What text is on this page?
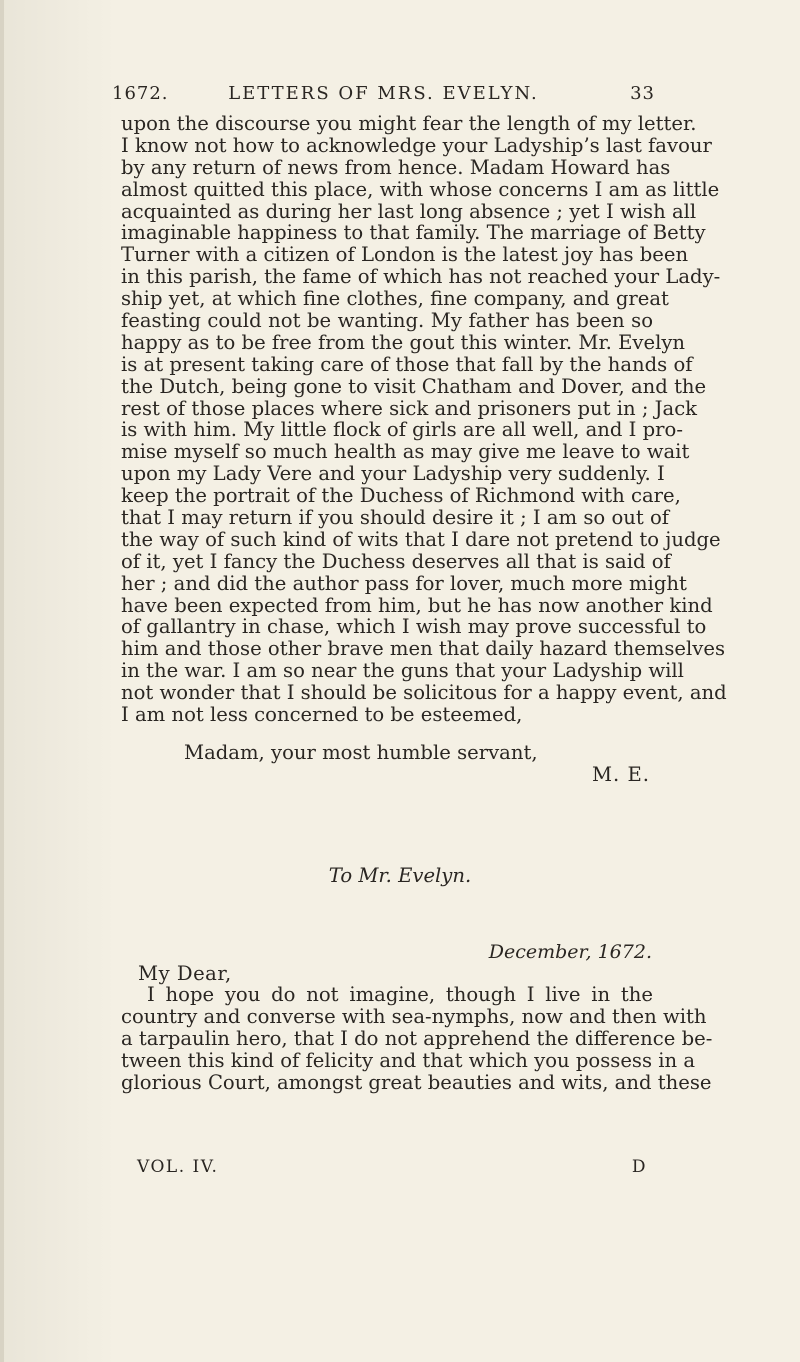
1672.	LETTERS OF MRS. EVELYN.	33
upon the discourse you might fear the length of my letter.
I know not how to acknowledge your Ladyship’s last favour
by any return of news from hence. Madam Howard has
almost quitted this place, with whose concerns I am as little
acquainted as during her last long absence ; yet I wish all
imaginable happiness to that family. The marriage of Betty
Turner with a citizen of London is the latest joy has been
in this parish, the fame of which has not reached your Lady-
ship yet, at which fine clothes, fine company, and great
feasting could not be wanting. My father has been so
happy as to be free from the gout this winter. Mr. Evelyn
is at present taking care of those that fall by the hands of
the Dutch, being gone to visit Chatham and Dover, and the
rest of those places where sick and prisoners put in ; Jack
is with him. My little flock of girls are all well, and I pro-
mise myself so much health as may give me leave to wait
upon my Lady Vere and your Ladyship very suddenly. I
keep the portrait of the Duchess of Richmond with care,
that I may return if you should desire it ; I am so out of
the way of such kind of wits that I dare not pretend to judge
of it, yet I fancy the Duchess deserves all that is said of
her ; and did the author pass for lover, much more might
have been expected from him, but he has now another kind
of gallantry in chase, which I wish may prove successful to
him and those other brave men that daily hazard themselves
in the war. I am so near the guns that your Ladyship will
not wonder that I should be solicitous for a happy event, and
I am not less concerned to be esteemed,
Madam, your most humble servant,
M. E.
To Mr. Evelyn.
December, 1672.
My Dear,
I hope you do not imagine, though I live in the
country and converse with sea-nymphs, now and then with
a tarpaulin hero, that I do not apprehend the difference be-
tween this kind of felicity and that which you possess in a
glorious Court, amongst great beauties and wits, and these
VOL. IV.	D
